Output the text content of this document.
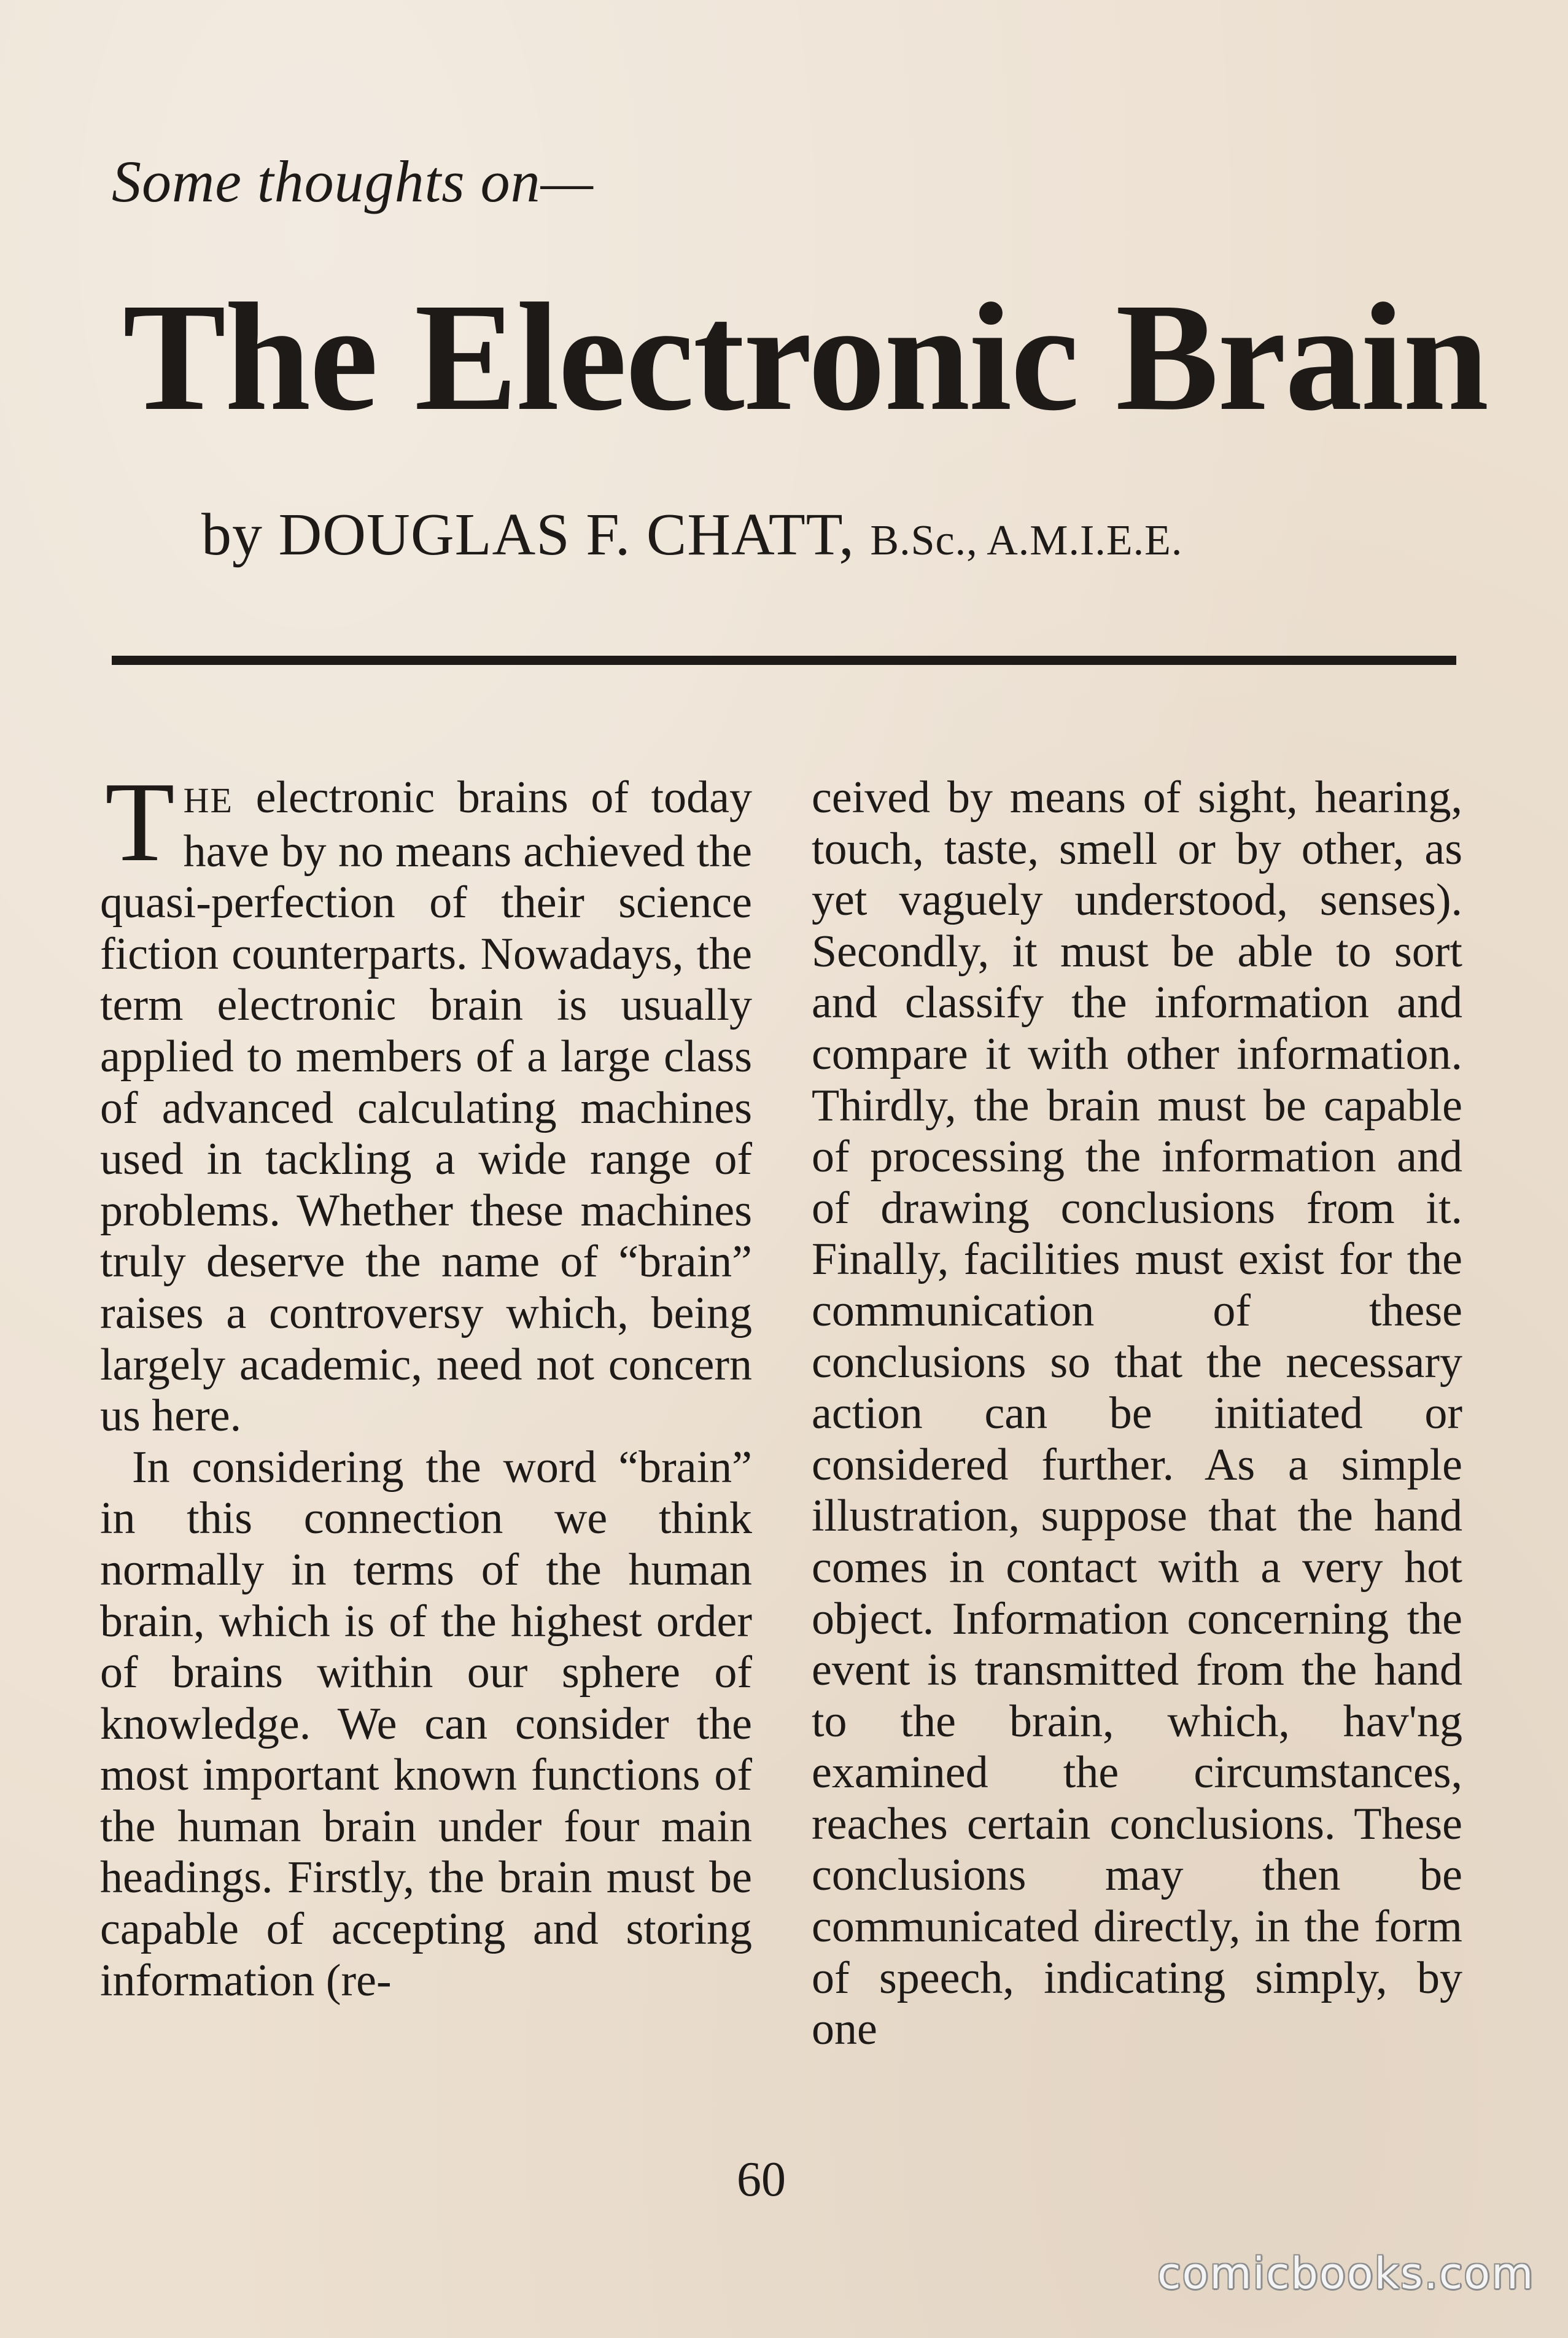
Some thoughts on—
The Electronic Brain
by DOUGLAS F. CHATT, B.Sc., A.M.I.E.E.

THE electronic brains of today have by no means achieved the quasi-perfection of their science fiction counterparts. Nowadays, the term electronic brain is usually applied to members of a large class of advanced calculating machines used in tackling a wide range of problems. Whether these machines truly deserve the name of “brain” raises a controversy which, being largely academic, need not concern us here.

In considering the word “brain” in this connection we think normally in terms of the human brain, which is of the highest order of brains within our sphere of knowledge. We can consider the most important known functions of the human brain under four main headings. Firstly, the brain must be capable of accepting and storing information (re-

ceived by means of sight, hearing, touch, taste, smell or by other, as yet vaguely understood, senses). Secondly, it must be able to sort and classify the information and compare it with other information. Thirdly, the brain must be capable of processing the information and of drawing conclusions from it. Finally, facilities must exist for the communication of these conclusions so that the necessary action can be initiated or considered further. As a simple illustration, suppose that the hand comes in contact with a very hot object. Information concerning the event is transmitted from the hand to the brain, which, hav'ng examined the circumstances, reaches certain conclusions. These conclusions may then be communicated directly, in the form of speech, indicating simply, by one

60
comicbooks.com
